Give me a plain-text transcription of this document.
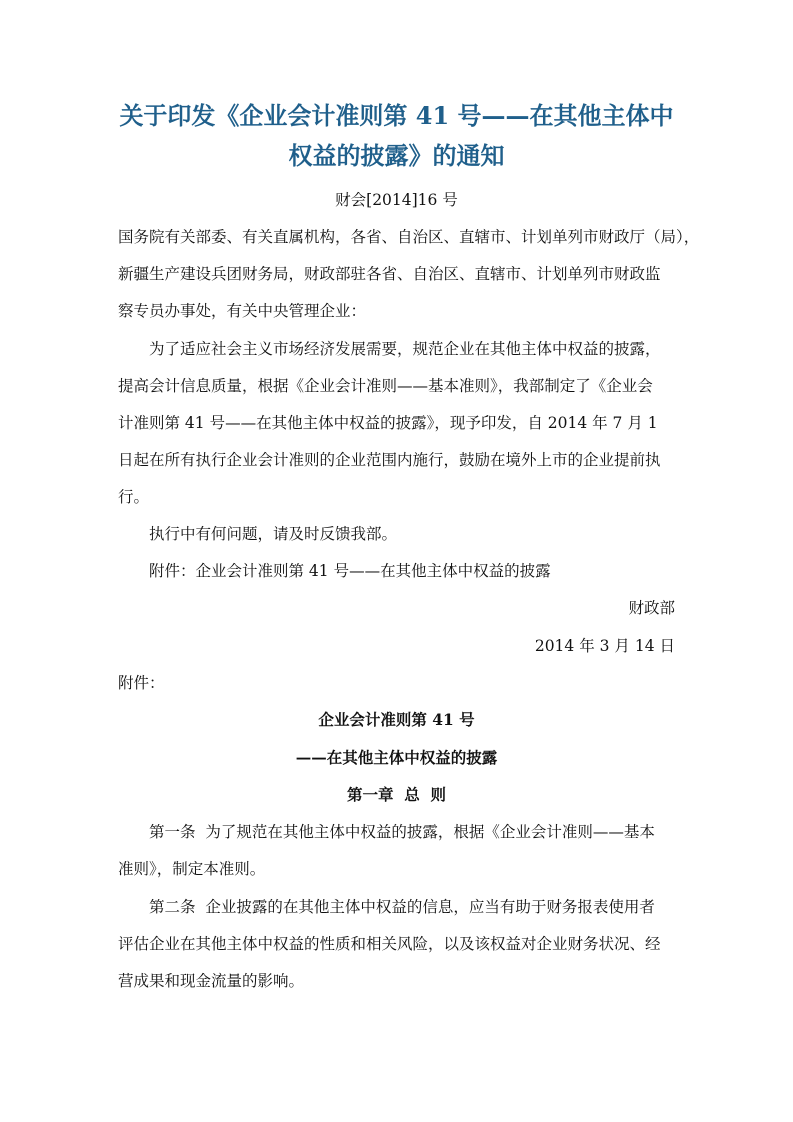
关于印发《企业会计准则第 41 号——在其他主体中
权益的披露》的通知
财会[2014]16 号
国务院有关部委、有关直属机构，各省、自治区、直辖市、计划单列市财政厅（局），
新疆生产建设兵团财务局，财政部驻各省、自治区、直辖市、计划单列市财政监
察专员办事处，有关中央管理企业：
为了适应社会主义市场经济发展需要，规范企业在其他主体中权益的披露，
提高会计信息质量，根据《企业会计准则——基本准则》，我部制定了《企业会
计准则第 41 号——在其他主体中权益的披露》，现予印发，自 2014 年 7 月 1
日起在所有执行企业会计准则的企业范围内施行，鼓励在境外上市的企业提前执
行。
执行中有何问题，请及时反馈我部。
附件：企业会计准则第 41 号——在其他主体中权益的披露
财政部
2014 年 3 月 14 日
附件：
企业会计准则第 41 号
——在其他主体中权益的披露
第一章  总  则
第一条  为了规范在其他主体中权益的披露，根据《企业会计准则——基本
准则》，制定本准则。
第二条  企业披露的在其他主体中权益的信息，应当有助于财务报表使用者
评估企业在其他主体中权益的性质和相关风险，以及该权益对企业财务状况、经
营成果和现金流量的影响。
